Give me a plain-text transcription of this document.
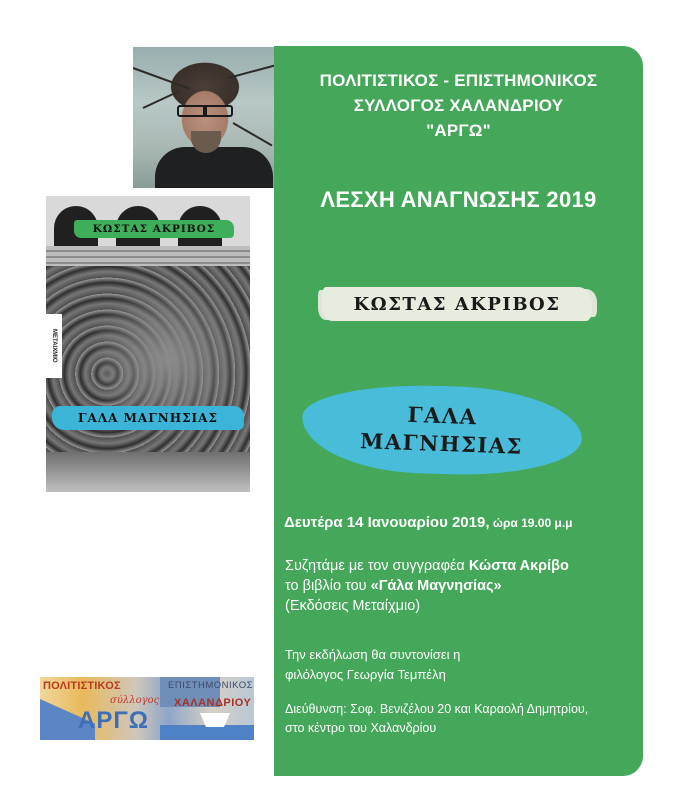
ΠΟΛΙΤΙΣΤΙΚΟΣ - ΕΠΙΣΤΗΜΟΝΙΚΟΣ
ΣΥΛΛΟΓΟΣ ΧΑΛΑΝΔΡΙΟΥ
"ΑΡΓΩ"
ΛΕΣΧΗ ΑΝΑΓΝΩΣΗΣ 2019
ΚΩΣΤΑΣ ΑΚΡΙΒΟΣ
ΓΑΛΑ
ΜΑΓΝΗΣΙΑΣ
Δευτέρα 14 Ιανουαρίου 2019, ώρα 19.00 μ.μ
Συζητάμε με τον συγγραφέα Κώστα Ακρίβο
το βιβλίο του «Γάλα Μαγνησίας»
(Εκδόσεις Μεταίχμιο)
Την εκδήλωση θα συντονίσει η
φιλόλογος Γεωργία Τεμπέλη
Διεύθυνση: Σοφ. Βενιζέλου 20 και Καραολή Δημητρίου,
στο κέντρο του Χαλανδρίου
ΚΩΣΤΑΣ ΑΚΡΙΒΟΣ
ΜΕΤΑΙΧΜΙΟ
ΓΑΛΑ ΜΑΓΝΗΣΙΑΣ
ΠΟΛΙΤΙΣΤΙΚΟΣ
σύλλογος
ΕΠΙΣΤΗΜΟΝΙΚΟΣ
ΧΑΛΑΝΔΡΙΟΥ
ΑΡΓΩ
